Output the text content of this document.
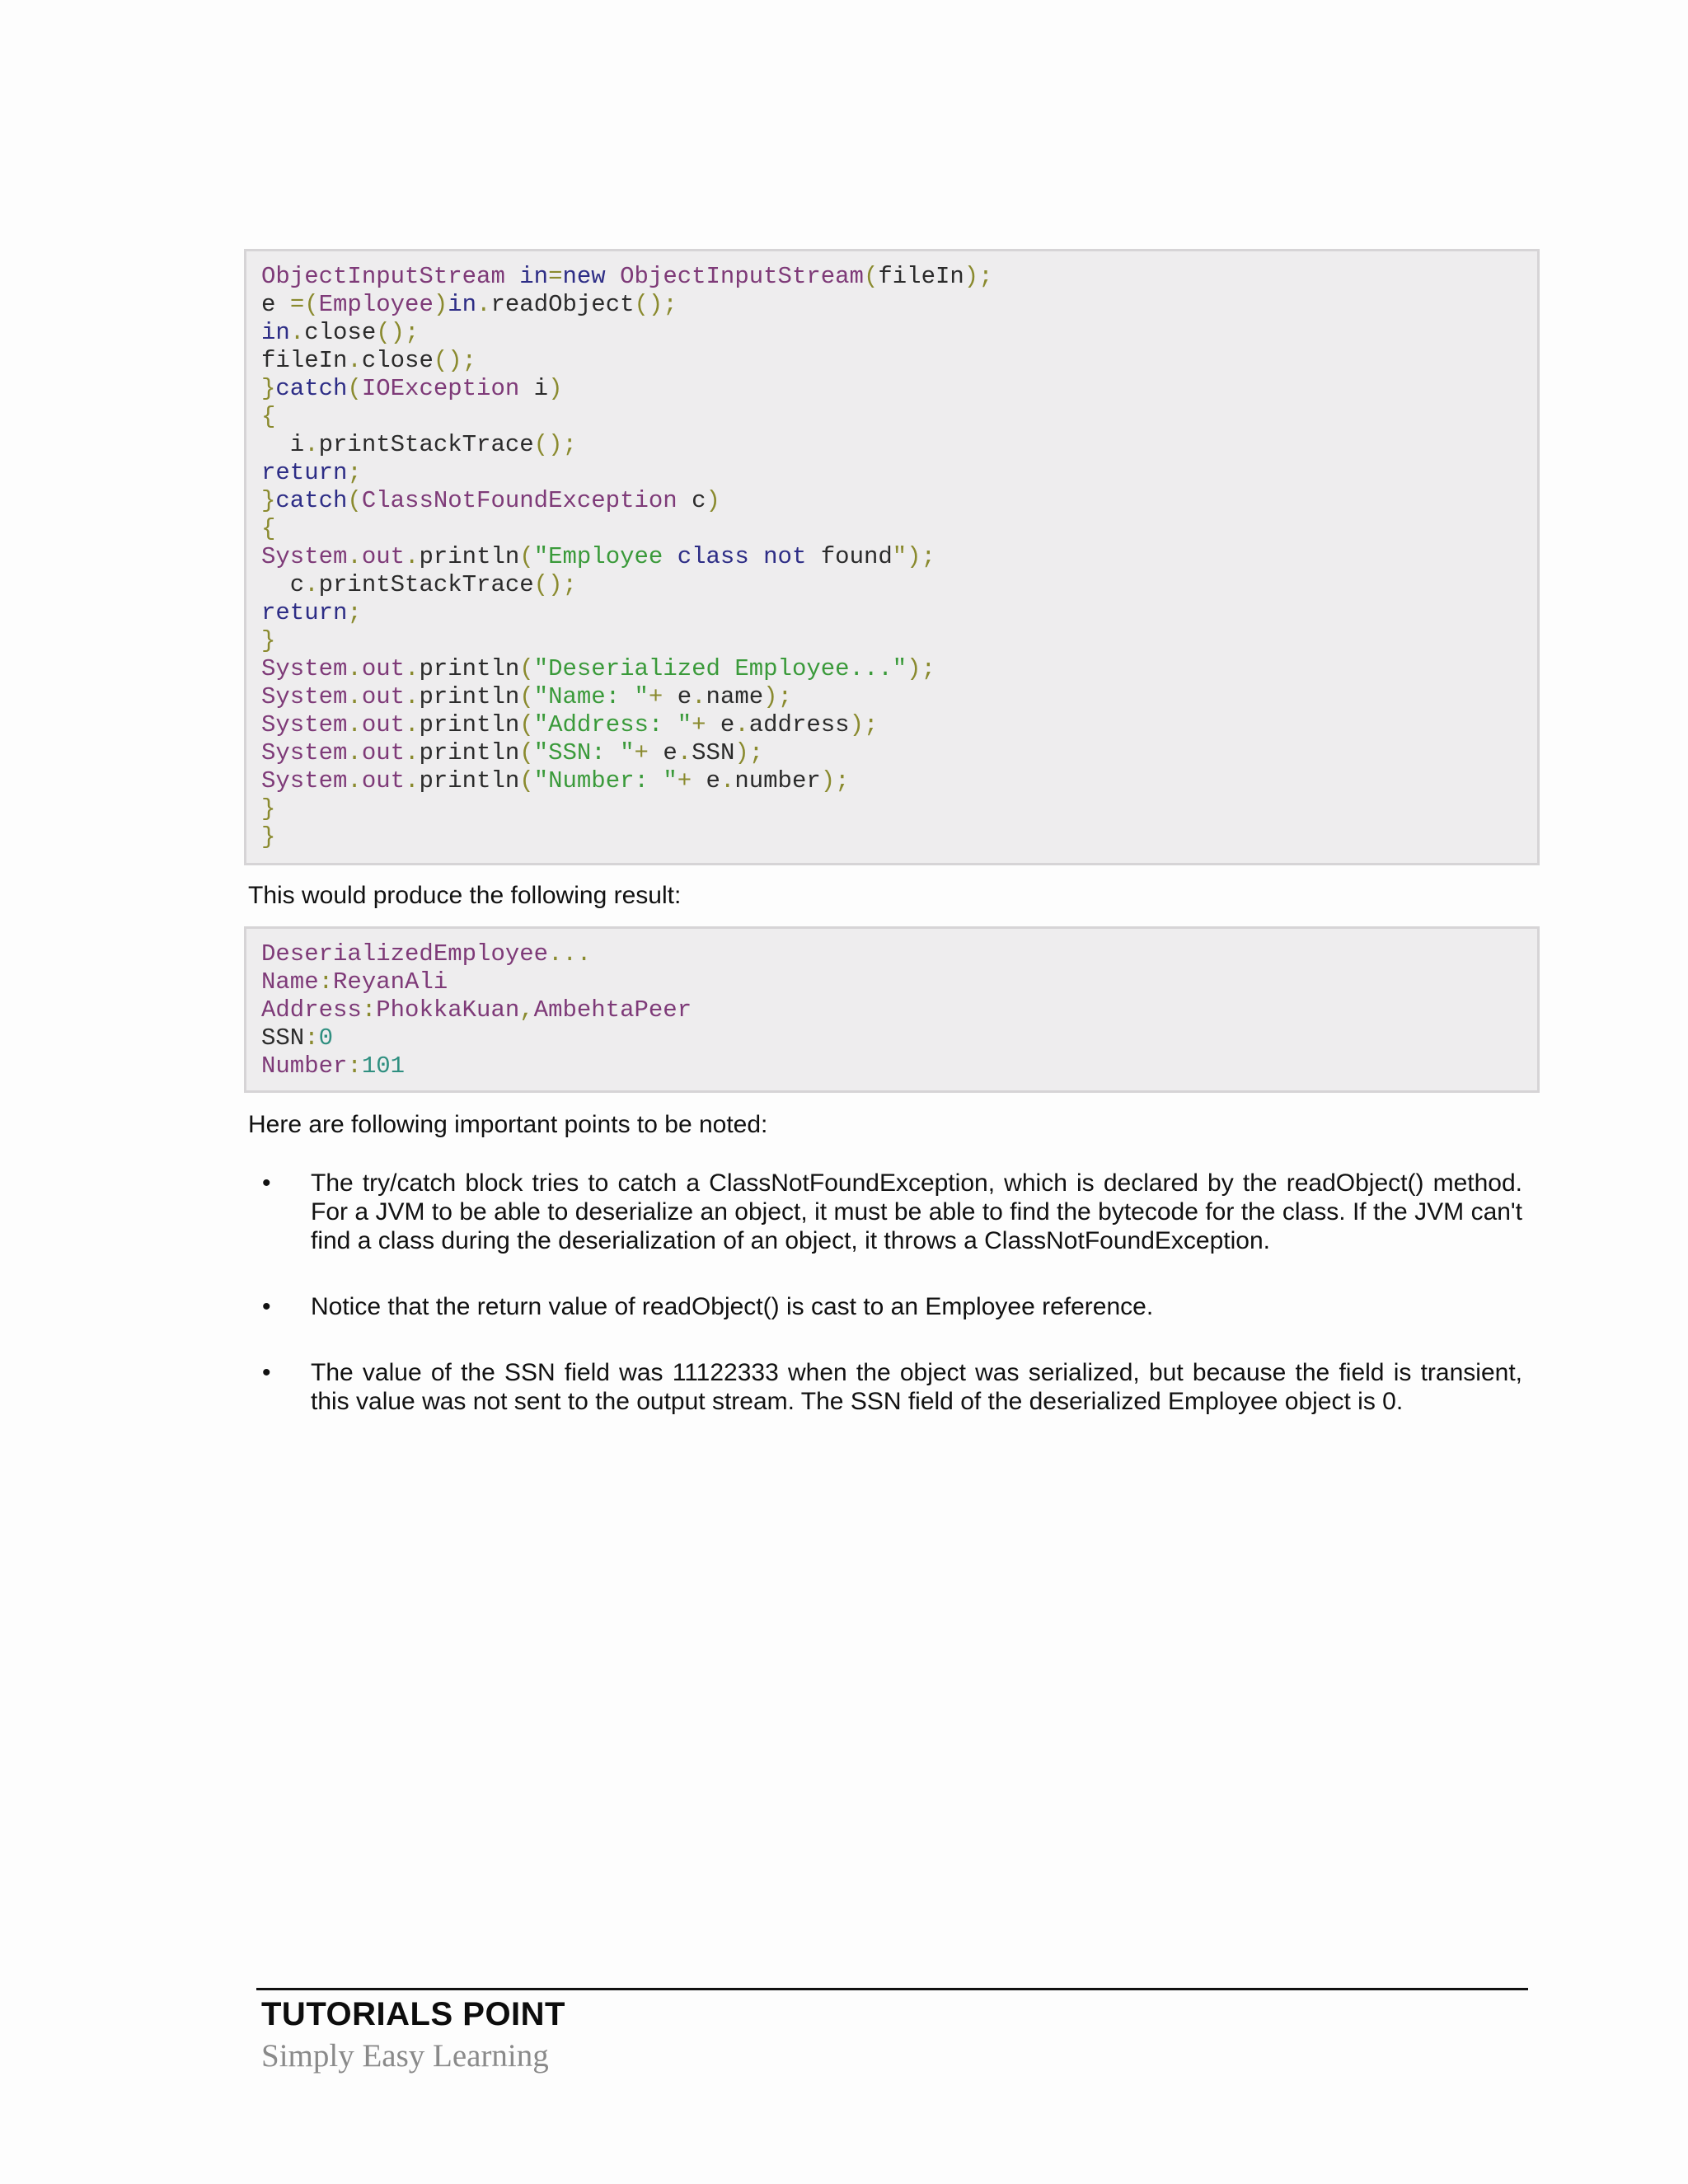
ObjectInputStream in=new ObjectInputStream(fileIn);
e =(Employee)in.readObject();
in.close();
fileIn.close();
}catch(IOException i)
{
i.printStackTrace();
return;
}catch(ClassNotFoundException c)
{
System.out.println("Employee class not found");
c.printStackTrace();
return;
}
System.out.println("Deserialized Employee...");
System.out.println("Name: "+ e.name);
System.out.println("Address: "+ e.address);
System.out.println("SSN: "+ e.SSN);
System.out.println("Number: "+ e.number);
}
}

This would produce the following result:

DeserializedEmployee...
Name:ReyanAli
Address:PhokkaKuan,AmbehtaPeer
SSN:0
Number:101

Here are following important points to be noted:

•	The try/catch block tries to catch a ClassNotFoundException, which is declared by the readObject() method. For a JVM to be able to deserialize an object, it must be able to find the bytecode for the class. If the JVM can't find a class during the deserialization of an object, it throws a ClassNotFoundException.
•	Notice that the return value of readObject() is cast to an Employee reference.
•	The value of the SSN field was 11122333 when the object was serialized, but because the field is transient, this value was not sent to the output stream. The SSN field of the deserialized Employee object is 0.
TUTORIALS POINT
Simply Easy Learning
